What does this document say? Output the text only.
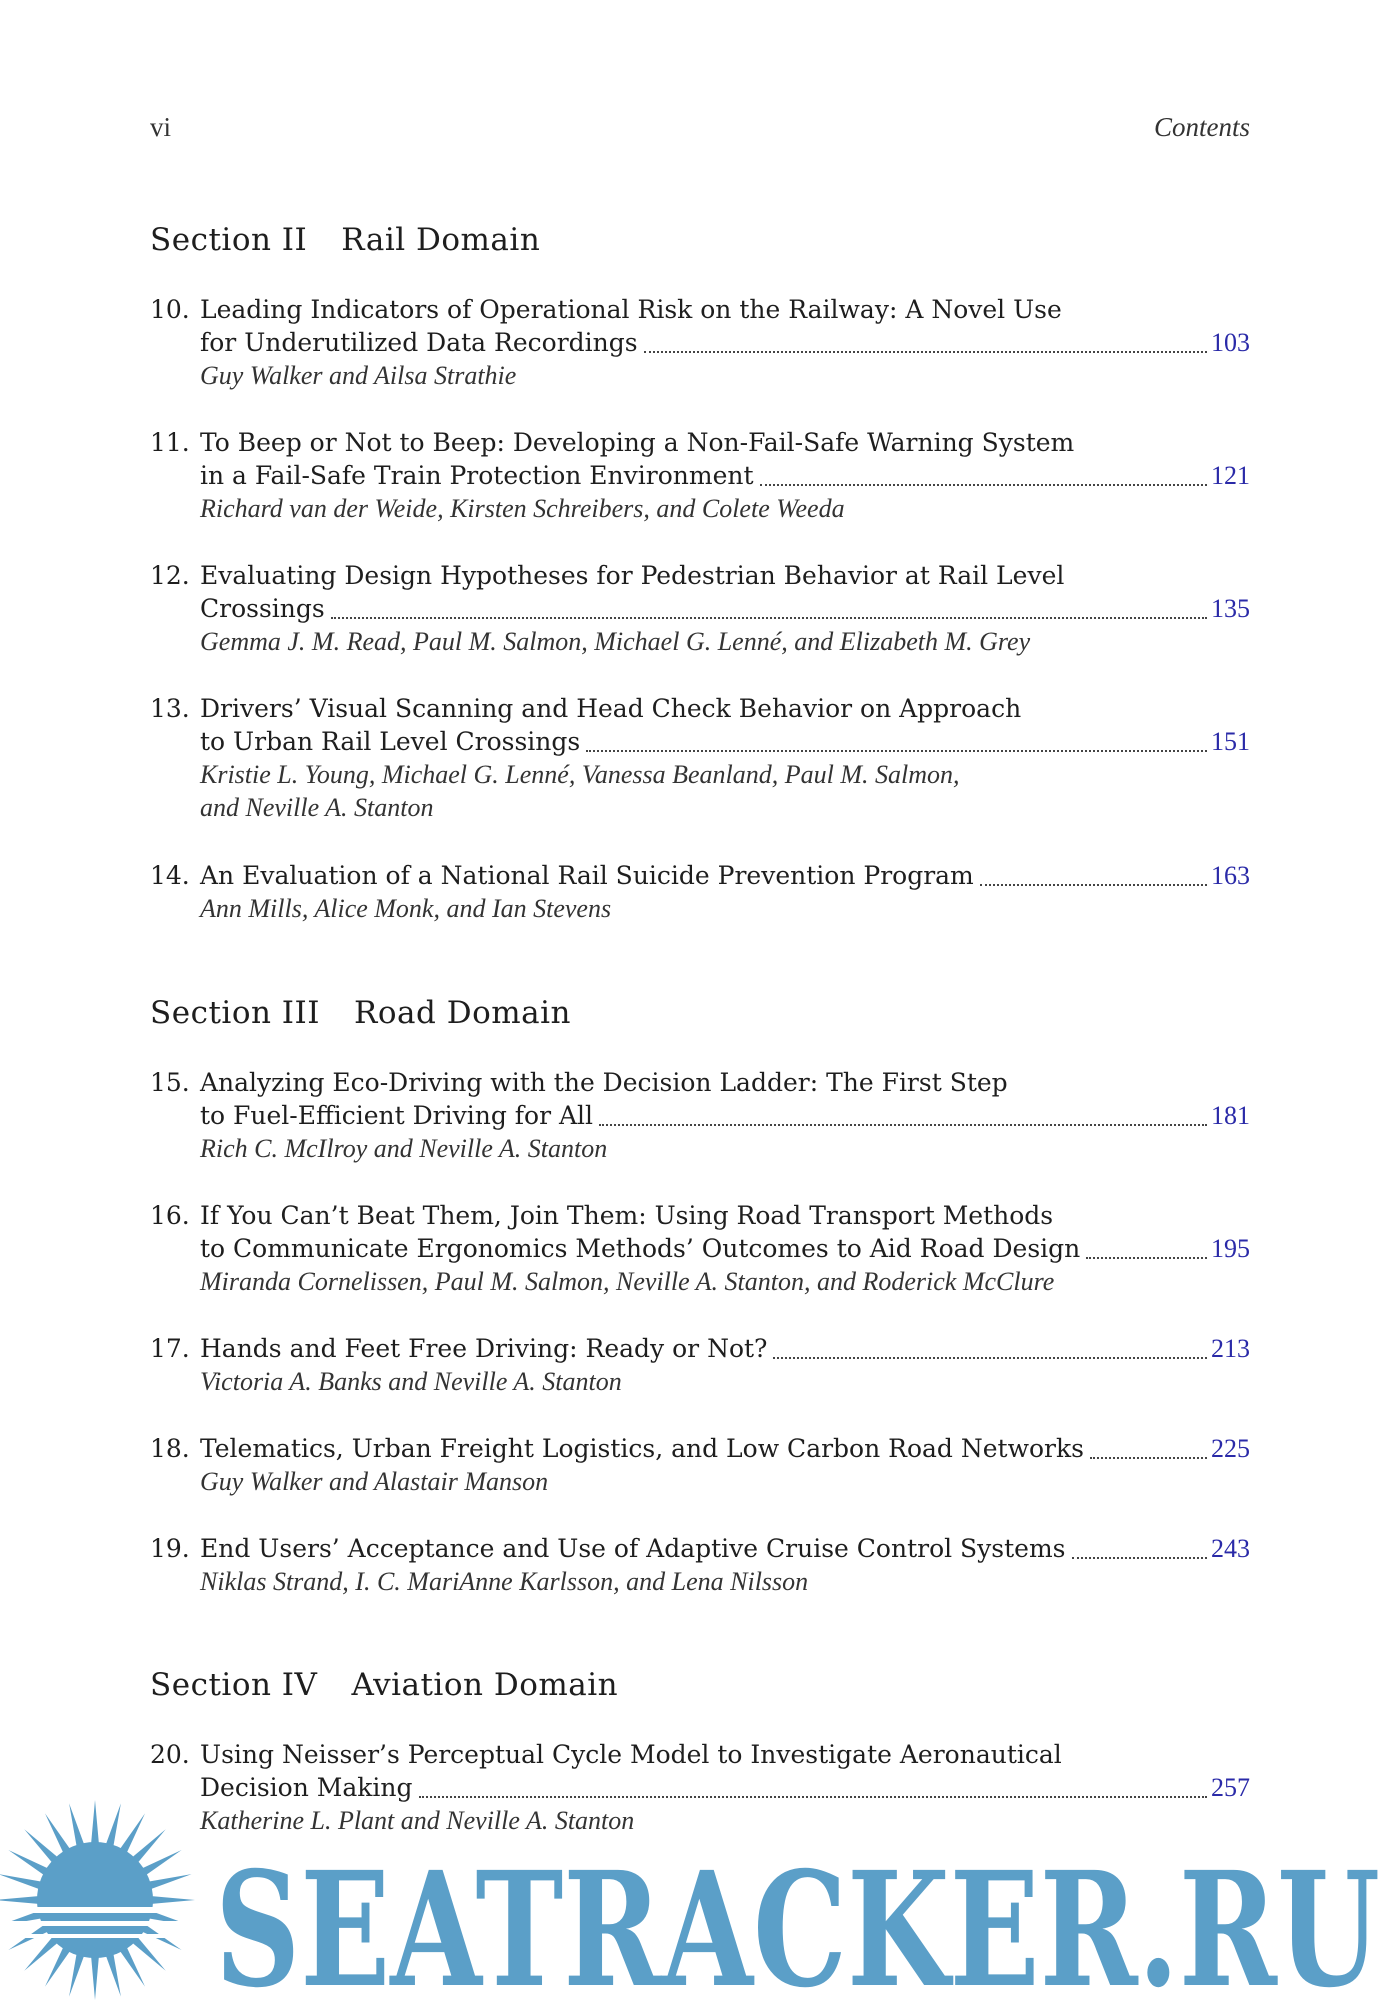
vi	Contents
Section II Rail Domain
10. Leading Indicators of Operational Risk on the Railway: A Novel Use
for Underutilized Data Recordings	103
Guy Walker and Ailsa Strathie
11. To Beep or Not to Beep: Developing a Non-Fail-Safe Warning System
in a Fail-Safe Train Protection Environment	121
Richard van der Weide, Kirsten Schreibers, and Colete Weeda
12. Evaluating Design Hypotheses for Pedestrian Behavior at Rail Level
Crossings	135
Gemma J. M. Read, Paul M. Salmon, Michael G. Lenné, and Elizabeth M. Grey
13. Drivers’ Visual Scanning and Head Check Behavior on Approach
to Urban Rail Level Crossings	151
Kristie L. Young, Michael G. Lenné, Vanessa Beanland, Paul M. Salmon,
and Neville A. Stanton
14. An Evaluation of a National Rail Suicide Prevention Program	163
Ann Mills, Alice Monk, and Ian Stevens
Section III Road Domain
15. Analyzing Eco-Driving with the Decision Ladder: The First Step
to Fuel-Efficient Driving for All	181
Rich C. McIlroy and Neville A. Stanton
16. If You Can’t Beat Them, Join Them: Using Road Transport Methods
to Communicate Ergonomics Methods’ Outcomes to Aid Road Design	195
Miranda Cornelissen, Paul M. Salmon, Neville A. Stanton, and Roderick McClure
17. Hands and Feet Free Driving: Ready or Not?	213
Victoria A. Banks and Neville A. Stanton
18. Telematics, Urban Freight Logistics, and Low Carbon Road Networks	225
Guy Walker and Alastair Manson
19. End Users’ Acceptance and Use of Adaptive Cruise Control Systems	243
Niklas Strand, I. C. MariAnne Karlsson, and Lena Nilsson
Section IV Aviation Domain
20. Using Neisser’s Perceptual Cycle Model to Investigate Aeronautical
Decision Making	257
Katherine L. Plant and Neville A. Stanton
SEATRACKER.RU
